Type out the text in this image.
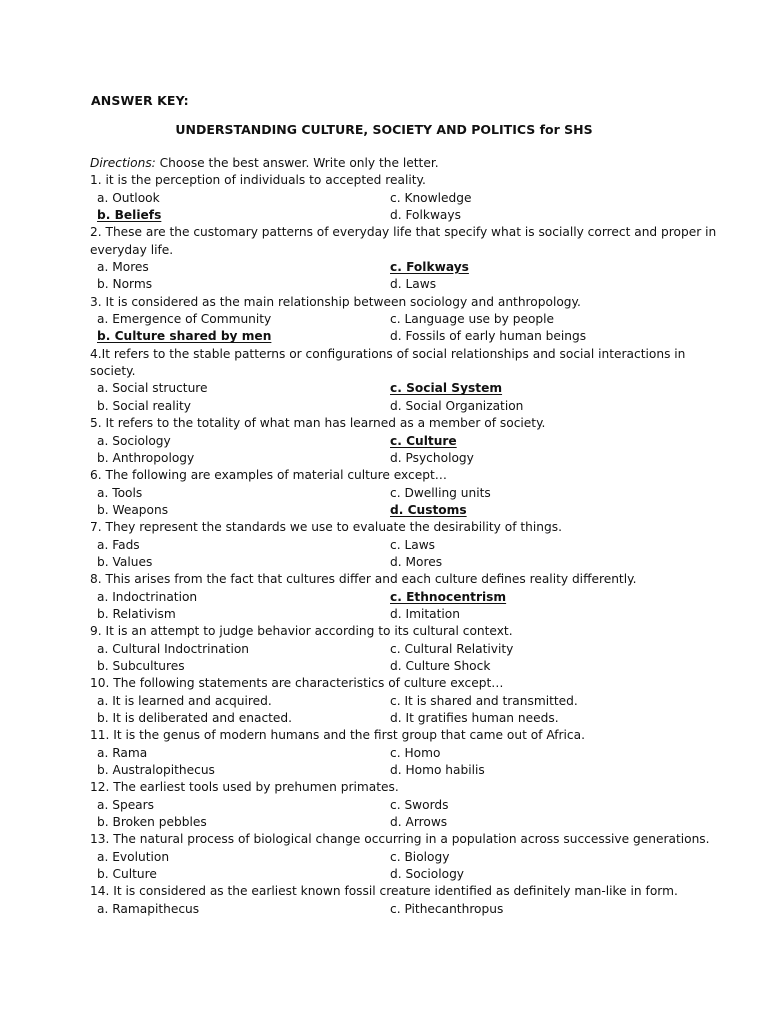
ANSWER KEY:
UNDERSTANDING CULTURE, SOCIETY AND POLITICS for SHS
Directions: Choose the best answer. Write only the letter.
1. it is the perception of individuals to accepted reality.
a. Outlook	c. Knowledge
b. Beliefs	d. Folkways
2. These are the customary patterns of everyday life that specify what is socially correct and proper in
everyday life.
a. Mores	c. Folkways
b. Norms	d. Laws
3. It is considered as the main relationship between sociology and anthropology.
a. Emergence of Community	c. Language use by people
b. Culture shared by men	d. Fossils of early human beings
4.It refers to the stable patterns or configurations of social relationships and social interactions in
society.
a. Social structure	c. Social System
b. Social reality	d. Social Organization
5. It refers to the totality of what man has learned as a member of society.
a. Sociology	c. Culture
b. Anthropology	d. Psychology
6. The following are examples of material culture except…
a. Tools	c. Dwelling units
b. Weapons	d. Customs
7. They represent the standards we use to evaluate the desirability of things.
a. Fads	c. Laws
b. Values	d. Mores
8. This arises from the fact that cultures differ and each culture defines reality differently.
a. Indoctrination	c. Ethnocentrism
b. Relativism	d. Imitation
9. It is an attempt to judge behavior according to its cultural context.
a. Cultural Indoctrination	c. Cultural Relativity
b. Subcultures	d. Culture Shock
10. The following statements are characteristics of culture except…
a. It is learned and acquired.	c. It is shared and transmitted.
b. It is deliberated and enacted.	d. It gratifies human needs.
11. It is the genus of modern humans and the first group that came out of Africa.
a. Rama	c. Homo
b. Australopithecus	d. Homo habilis
12. The earliest tools used by prehumen primates.
a. Spears	c. Swords
b. Broken pebbles	d. Arrows
13. The natural process of biological change occurring in a population across successive generations.
a. Evolution	c. Biology
b. Culture	d. Sociology
14. It is considered as the earliest known fossil creature identified as definitely man-like in form.
a. Ramapithecus	c. Pithecanthropus
